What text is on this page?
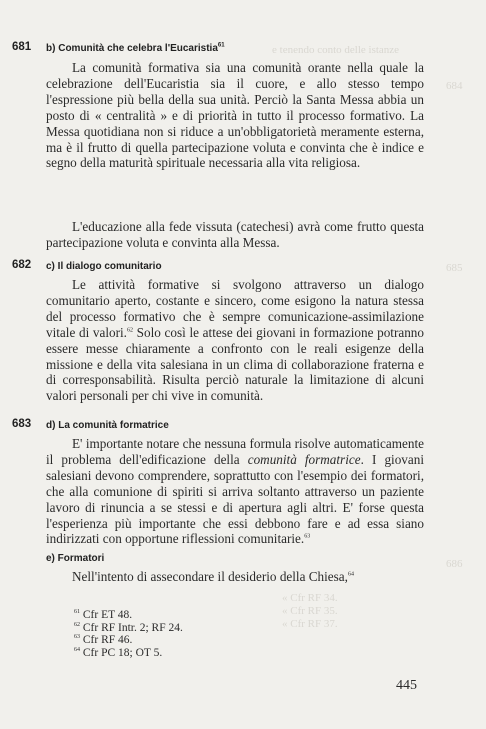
e tenendo conto delle istanze
684
685
686
« Cfr RF 34.
« Cfr RF 35.
« Cfr RF 37.
681 b) Comunità che celebra l'Eucaristia$^{61}$

La comunità formativa sia una comunità orante nella quale la celebrazione dell'Eucaristia sia il cuore, e allo stesso tempo l'espressione più bella della sua unità. Perciò la Santa Messa abbia un posto di « centralità » e di priorità in tutto il processo formativo. La Messa quotidiana non si riduce a un'obbligatorietà meramente esterna, ma è il frutto di quella partecipazione voluta e convinta che è indice e segno della maturità spirituale necessaria alla vita religiosa.

L'educazione alla fede vissuta (catechesi) avrà come frutto questa partecipazione voluta e convinta alla Messa.

682 c) Il dialogo comunitario

Le attività formative si svolgono attraverso un dialogo comunitario aperto, costante e sincero, come esigono la natura stessa del processo formativo che è sempre comunicazione-assimilazione vitale di valori.$^{62}$ Solo così le attese dei giovani in formazione potranno essere messe chiaramente a confronto con le reali esigenze della missione e della vita salesiana in un clima di collaborazione fraterna e di corresponsabilità. Risulta perciò naturale la limitazione di alcuni valori personali per chi vive in comunità.

683 d) La comunità formatrice

E' importante notare che nessuna formula risolve automaticamente il problema dell'edificazione della comunità formatrice. I giovani salesiani devono comprendere, soprattutto con l'esempio dei formatori, che alla comunione di spiriti si arriva soltanto attraverso un paziente lavoro di rinuncia a se stessi e di apertura agli altri. E' forse questa l'esperienza più importante che essi debbono fare e ad essa siano indirizzati con opportune riflessioni comunitarie.$^{63}$

e) Formatori

Nell'intento di assecondare il desiderio della Chiesa,$^{64}$

$^{61}$ Cfr ET 48.
$^{62}$ Cfr RF Intr. 2; RF 24.
$^{63}$ Cfr RF 46.
$^{64}$ Cfr PC 18; OT 5.
445
